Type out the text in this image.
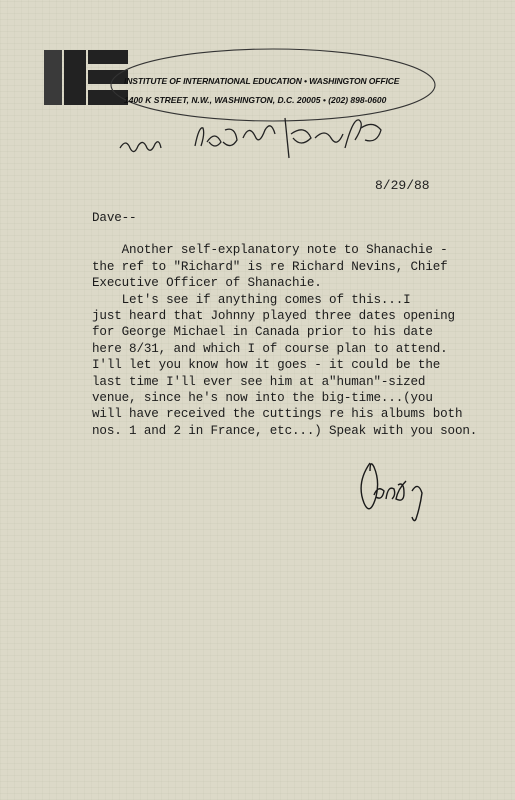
INSTITUTE OF INTERNATIONAL EDUCATION • WASHINGTON OFFICE
1400 K STREET, N.W., WASHINGTON, D.C. 20005 • (202) 898-0600
8/29/88
Dave--
Another self-explanatory note to Shanachie -
the ref to "Richard" is re Richard Nevins, Chief
Executive Officer of Shanachie.
Let's see if anything comes of this...I
just heard that Johnny played three dates opening
for George Michael in Canada prior to his date
here 8/31, and which I of course plan to attend.
I'll let you know how it goes - it could be the
last time I'll ever see him at a"human"-sized
venue, since he's now into the big-time...(you
will have received the cuttings re his albums both
nos. 1 and 2 in France, etc...) Speak with you soon.
